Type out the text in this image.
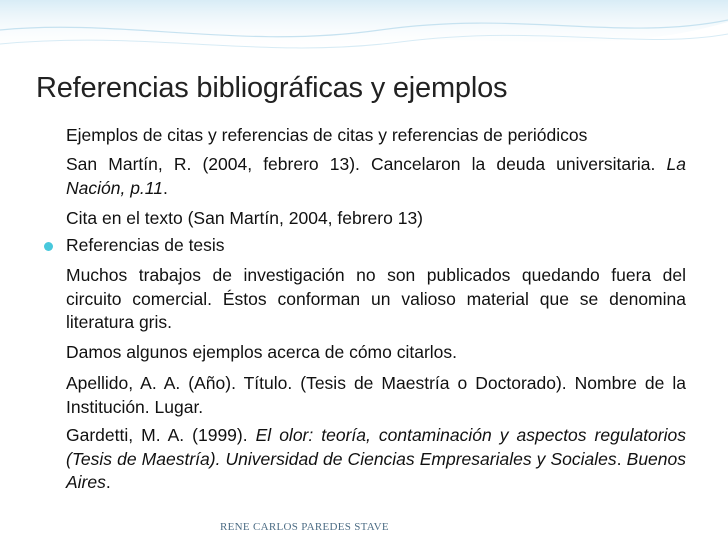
Referencias bibliográficas y ejemplos

Ejemplos de citas y referencias de citas y referencias de periódicos

San Martín, R. (2004, febrero 13). Cancelaron la deuda universitaria. La Nación, p.11.

Cita en el texto (San Martín, 2004, febrero 13)

Referencias de tesis

Muchos trabajos de investigación no son publicados quedando fuera del circuito comercial. Éstos conforman un valioso material que se denomina literatura gris.

Damos algunos ejemplos acerca de cómo citarlos.

Apellido, A. A. (Año). Título. (Tesis de Maestría o Doctorado). Nombre de la Institución. Lugar.

Gardetti, M. A. (1999). El olor: teoría, contaminación y aspectos regulatorios (Tesis de Maestría). Universidad de Ciencias Empresariales y Sociales. Buenos Aires.

RENE CARLOS PAREDES STAVE
